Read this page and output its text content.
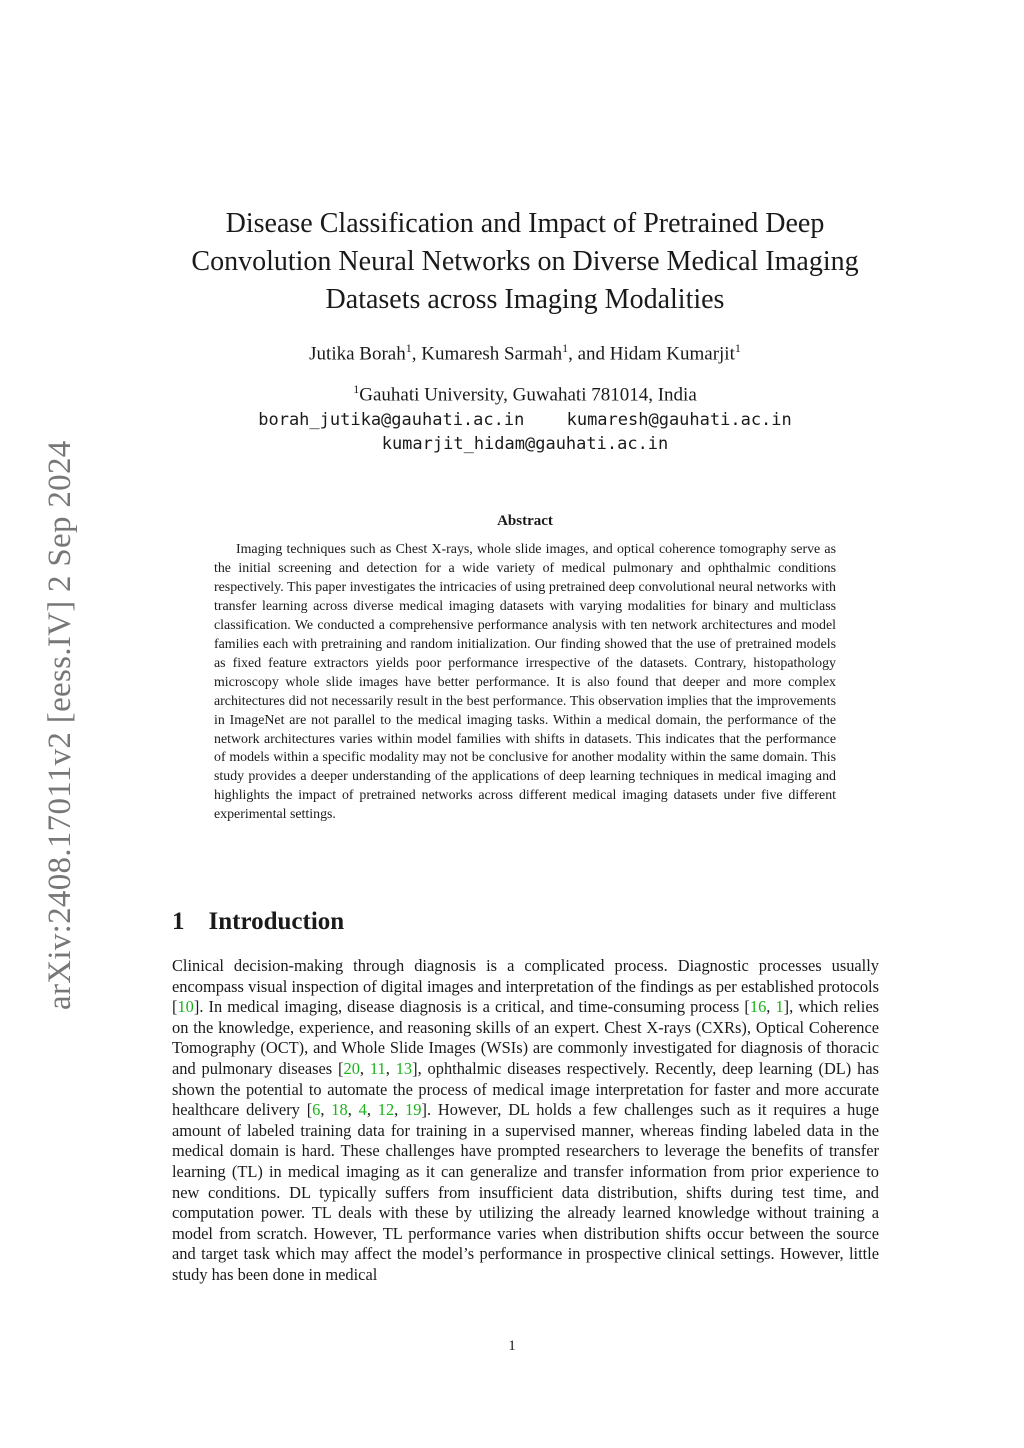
arXiv:2408.17011v2 [eess.IV] 2 Sep 2024
Disease Classification and Impact of Pretrained Deep
Convolution Neural Networks on Diverse Medical Imaging
Datasets across Imaging Modalities
Jutika Borah$^1$, Kumaresh Sarmah$^1$, and Hidam Kumarjit$^1$
$^1$Gauhati University, Guwahati 781014, India
borah_jutika@gauhati.ac.in kumaresh@gauhati.ac.in
kumarjit_hidam@gauhati.ac.in
Abstract

Imaging techniques such as Chest X-rays, whole slide images, and optical coherence tomography serve as the initial screening and detection for a wide variety of medical pulmonary and ophthalmic conditions respectively. This paper investigates the intricacies of using pretrained deep convolutional neural networks with transfer learning across diverse medical imaging datasets with varying modalities for binary and multiclass classification. We conducted a comprehensive performance analysis with ten network architectures and model families each with pretraining and random initialization. Our finding showed that the use of pretrained models as fixed feature extractors yields poor performance irrespective of the datasets. Contrary, histopathology microscopy whole slide images have better performance. It is also found that deeper and more complex architectures did not necessarily result in the best performance. This observation implies that the improvements in ImageNet are not parallel to the medical imaging tasks. Within a medical domain, the performance of the network architectures varies within model families with shifts in datasets. This indicates that the performance of models within a specific modality may not be conclusive for another modality within the same domain. This study provides a deeper understanding of the applications of deep learning techniques in medical imaging and highlights the impact of pretrained networks across different medical imaging datasets under five different experimental settings.

1 Introduction

Clinical decision-making through diagnosis is a complicated process. Diagnostic processes usually encompass visual inspection of digital images and interpretation of the findings as per established protocols [10]. In medical imaging, disease diagnosis is a critical, and time-consuming process [16, 1], which relies on the knowledge, experience, and reasoning skills of an expert. Chest X-rays (CXRs), Optical Coherence Tomography (OCT), and Whole Slide Images (WSIs) are commonly investigated for diagnosis of thoracic and pulmonary diseases [20, 11, 13], ophthalmic diseases respectively. Recently, deep learning (DL) has shown the potential to automate the process of medical image interpretation for faster and more accurate healthcare delivery [6, 18, 4, 12, 19]. However, DL holds a few challenges such as it requires a huge amount of labeled training data for training in a supervised manner, whereas finding labeled data in the medical domain is hard. These challenges have prompted researchers to leverage the benefits of transfer learning (TL) in medical imaging as it can generalize and transfer information from prior experience to new conditions. DL typically suffers from insufficient data distribution, shifts during test time, and computation power. TL deals with these by utilizing the already learned knowledge without training a model from scratch. However, TL performance varies when distribution shifts occur between the source and target task which may affect the model’s performance in prospective clinical settings. However, little study has been done in medical

1
